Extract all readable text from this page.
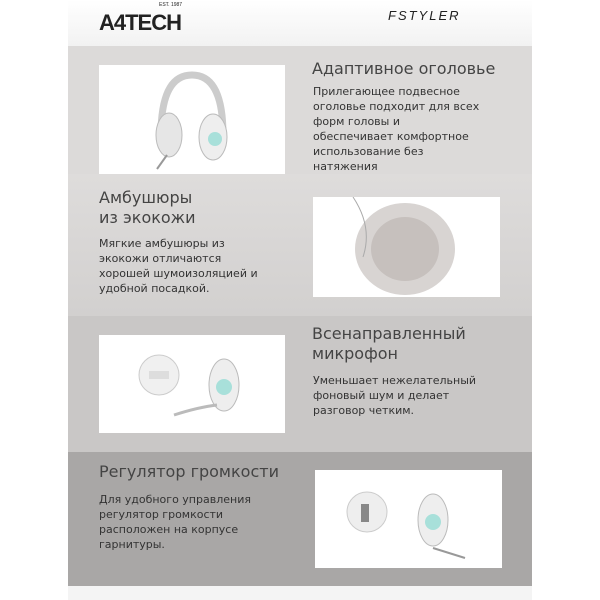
A4TECH
EST. 1987
FSTYLER
Адаптивное оголовье

Прилегающее подвесное
оголовье подходит для всех
форм головы и
обеспечивает комфортное
использование без
натяжения

Амбушюры
из экокожи

Мягкие амбушюры из
экокожи отличаются
хорошей шумоизоляцией и
удобной посадкой.

Всенаправленный
микрофон

Уменьшает нежелательный
фоновый шум и делает
разговор четким.

Регулятор громкости

Для удобного управления
регулятор громкости
расположен на корпусе
гарнитуры.
